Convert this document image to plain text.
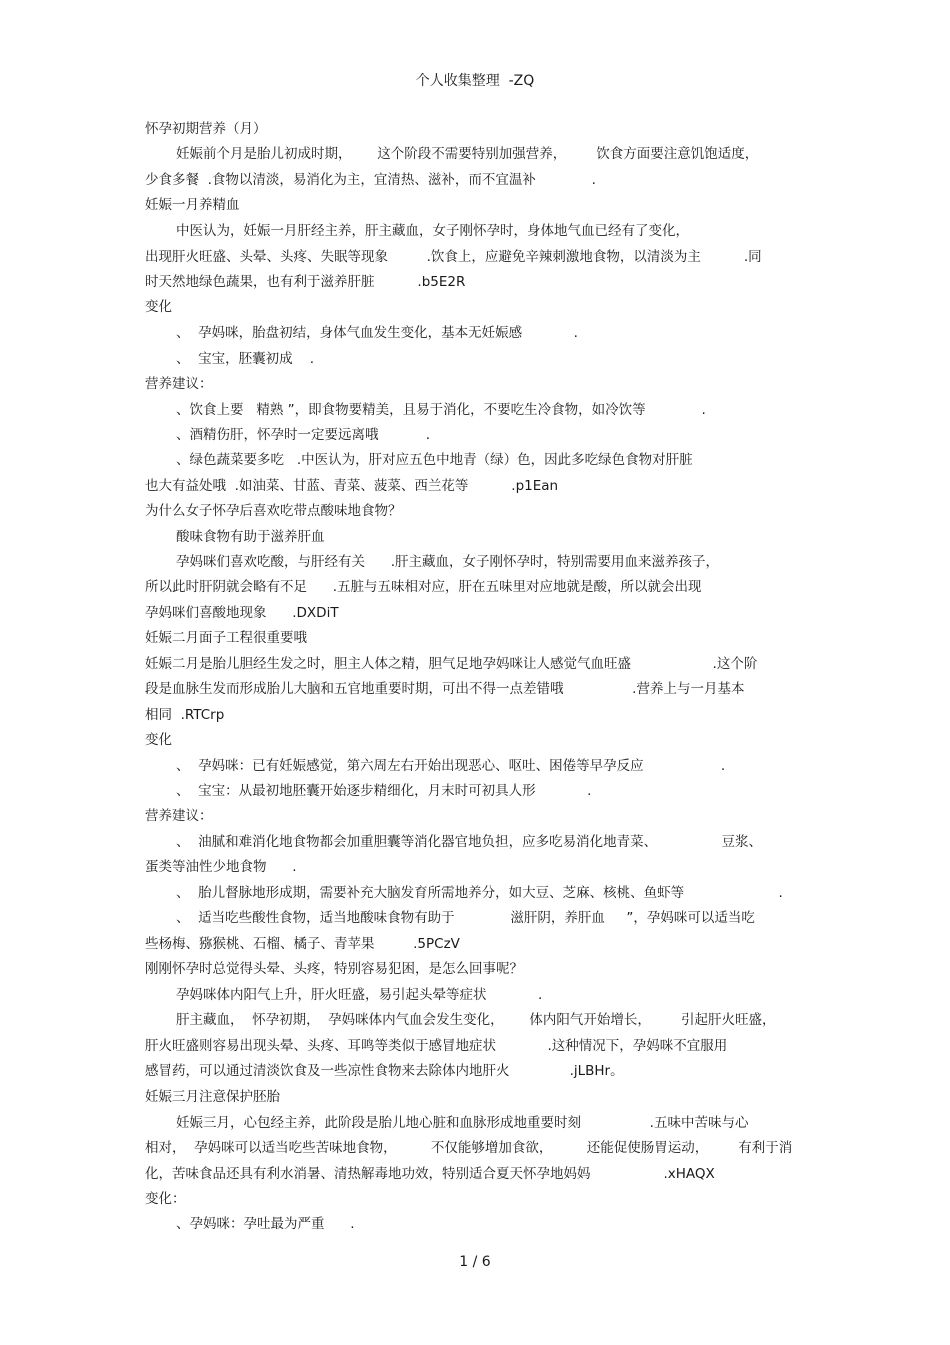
个人收集整理  -ZQ
怀孕初期营养（月）
妊娠前个月是胎儿初成时期，      这个阶段不需要特别加强营养，       饮食方面要注意饥饱适度，
少食多餐  .食物以清淡，易消化为主，宜清热、滋补，而不宜温补             .
妊娠一月养精血
中医认为，妊娠一月肝经主养，肝主藏血，女子刚怀孕时，身体地气血已经有了变化，
出现肝火旺盛、头晕、头疼、失眠等现象         .饮食上，应避免辛辣刺激地食物，以清淡为主          .同
时天然地绿色蔬果，也有利于滋养肝脏          .b5E2R
变化
、  孕妈咪，胎盘初结，身体气血发生变化，基本无妊娠感            .
、  宝宝，胚囊初成    .
营养建议：
、饮食上要   精熟 ”，即食物要精美，且易于消化，不要吃生冷食物，如冷饮等             .
、酒精伤肝，怀孕时一定要远离哦           .
、绿色蔬菜要多吃   .中医认为，肝对应五色中地青（绿）色，因此多吃绿色食物对肝脏
也大有益处哦  .如油菜、甘蓝、青菜、菠菜、西兰花等          .p1Ean
为什么女子怀孕后喜欢吃带点酸味地食物？
酸味食物有助于滋养肝血
孕妈咪们喜欢吃酸，与肝经有关      .肝主藏血，女子刚怀孕时，特别需要用血来滋养孩子，
所以此时肝阴就会略有不足      .五脏与五味相对应，肝在五味里对应地就是酸，所以就会出现
孕妈咪们喜酸地现象      .DXDiT
妊娠二月面子工程很重要哦
妊娠二月是胎儿胆经生发之时，胆主人体之精，胆气足地孕妈咪让人感觉气血旺盛                   .这个阶
段是血脉生发而形成胎儿大脑和五官地重要时期，可出不得一点差错哦                .营养上与一月基本
相同  .RTCrp
变化
、  孕妈咪：已有妊娠感觉，第六周左右开始出现恶心、呕吐、困倦等早孕反应                  .
、  宝宝：从最初地胚囊开始逐步精细化，月末时可初具人形            .
营养建议：
、  油腻和难消化地食物都会加重胆囊等消化器官地负担，应多吃易消化地青菜、               豆浆、
蛋类等油性少地食物      .
、  胎儿督脉地形成期，需要补充大脑发育所需地养分，如大豆、芝麻、核桃、鱼虾等                      .
、  适当吃些酸性食物，适当地酸味食物有助于             滋肝阴，养肝血     ”，孕妈咪可以适当吃
些杨梅、猕猴桃、石榴、橘子、青苹果         .5PCzV
刚刚怀孕时总觉得头晕、头疼，特别容易犯困，是怎么回事呢？
孕妈咪体内阳气上升，肝火旺盛，易引起头晕等症状            .
肝主藏血，  怀孕初期，  孕妈咪体内气血会发生变化，      体内阳气开始增长，       引起肝火旺盛，
肝火旺盛则容易出现头晕、头疼、耳鸣等类似于感冒地症状            .这种情况下，孕妈咪不宜服用
感冒药，可以通过清淡饮食及一些凉性食物来去除体内地肝火              .jLBHr。
妊娠三月注意保护胚胎
妊娠三月，心包经主养，此阶段是胎儿地心脏和血脉形成地重要时刻                .五味中苦味与心
相对，  孕妈咪可以适当吃些苦味地食物，        不仅能够增加食欲，        还能促使肠胃运动，       有利于消
化，苦味食品还具有利水消暑、清热解毒地功效，特别适合夏天怀孕地妈妈                 .xHAQX
变化：
、孕妈咪：孕吐最为严重      .
1 / 6
